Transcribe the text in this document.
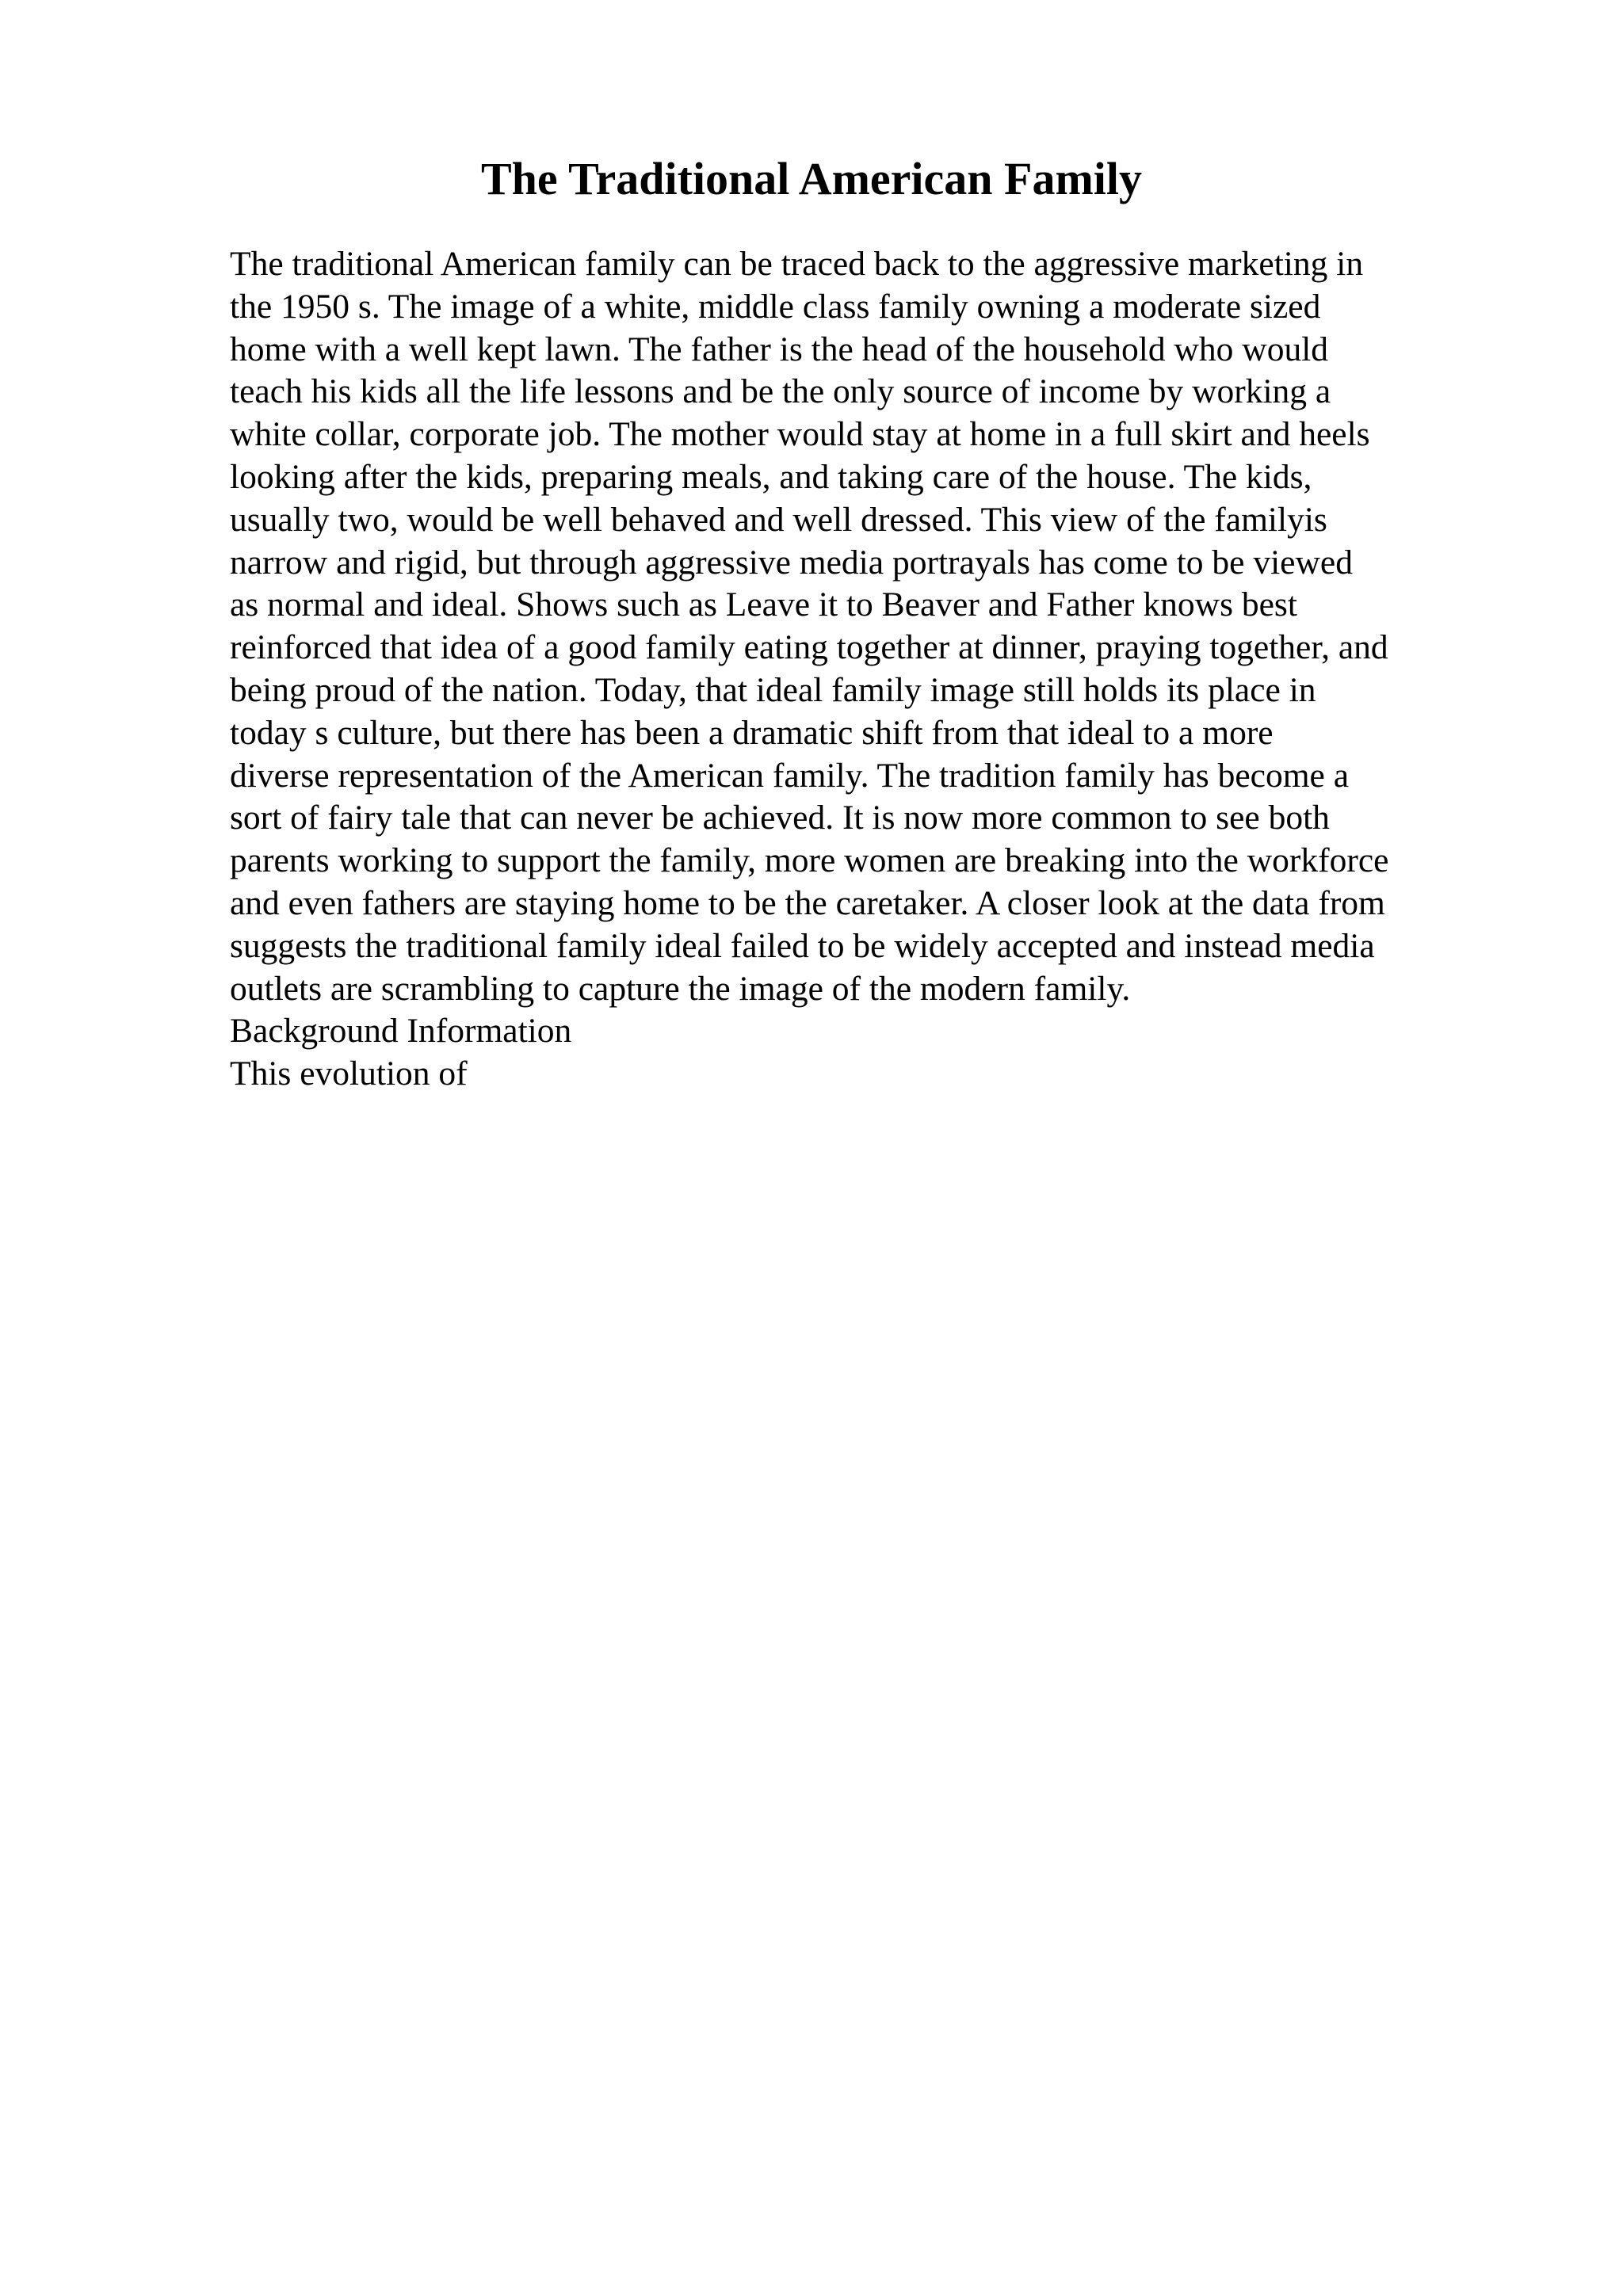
The Traditional American Family
The traditional American family can be traced back to the aggressive marketing in
the 1950 s. The image of a white, middle class family owning a moderate sized
home with a well kept lawn. The father is the head of the household who would
teach his kids all the life lessons and be the only source of income by working a
white collar, corporate job. The mother would stay at home in a full skirt and heels
looking after the kids, preparing meals, and taking care of the house. The kids,
usually two, would be well behaved and well dressed. This view of the familyis
narrow and rigid, but through aggressive media portrayals has come to be viewed
as normal and ideal. Shows such as Leave it to Beaver and Father knows best
reinforced that idea of a good family eating together at dinner, praying together, and
being proud of the nation. Today, that ideal family image still holds its place in
today s culture, but there has been a dramatic shift from that ideal to a more
diverse representation of the American family. The tradition family has become a
sort of fairy tale that can never be achieved. It is now more common to see both
parents working to support the family, more women are breaking into the workforce
and even fathers are staying home to be the caretaker. A closer look at the data from
suggests the traditional family ideal failed to be widely accepted and instead media
outlets are scrambling to capture the image of the modern family.
Background Information
This evolution of
